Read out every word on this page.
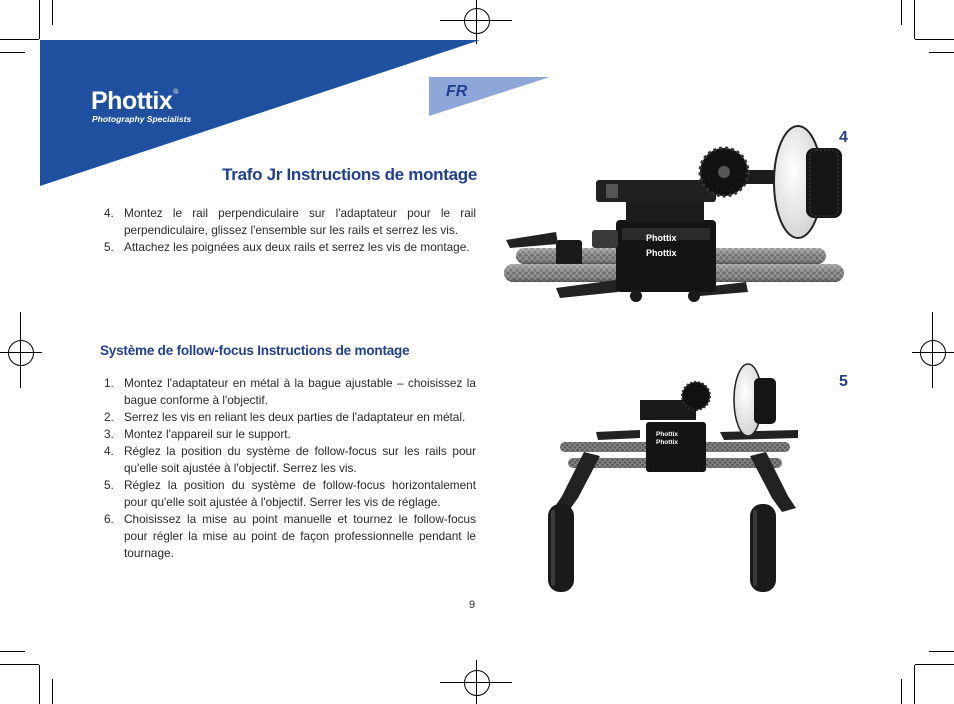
Phottix®
Photography Specialists
FR
Trafo Jr Instructions de montage
4. Montez le rail perpendiculaire sur l'adaptateur pour le rail perpendiculaire, glissez l'ensemble sur les rails et serrez les vis.
5. Attachez les poignées aux deux rails et serrez les vis de montage.
Système de follow-focus Instructions de montage
1. Montez l'adaptateur en métal à la bague ajustable – choisissez la bague conforme à l'objectif.
2. Serrez les vis en reliant les deux parties de l'adaptateur en métal.
3. Montez l'appareil sur le support.
4. Réglez la position du système de follow-focus sur les rails pour qu'elle soit ajustée à l'objectif. Serrez les vis.
5. Réglez la position du système de follow-focus horizontalement pour qu'elle soit ajustée à l'objectif. Serrer les vis de réglage.
6. Choisissez la mise au point manuelle et tournez le follow-focus pour régler la mise au point de façon professionnelle pendant le tournage.
9
4
5
Phottix
Phottix
Phottix
Phottix
